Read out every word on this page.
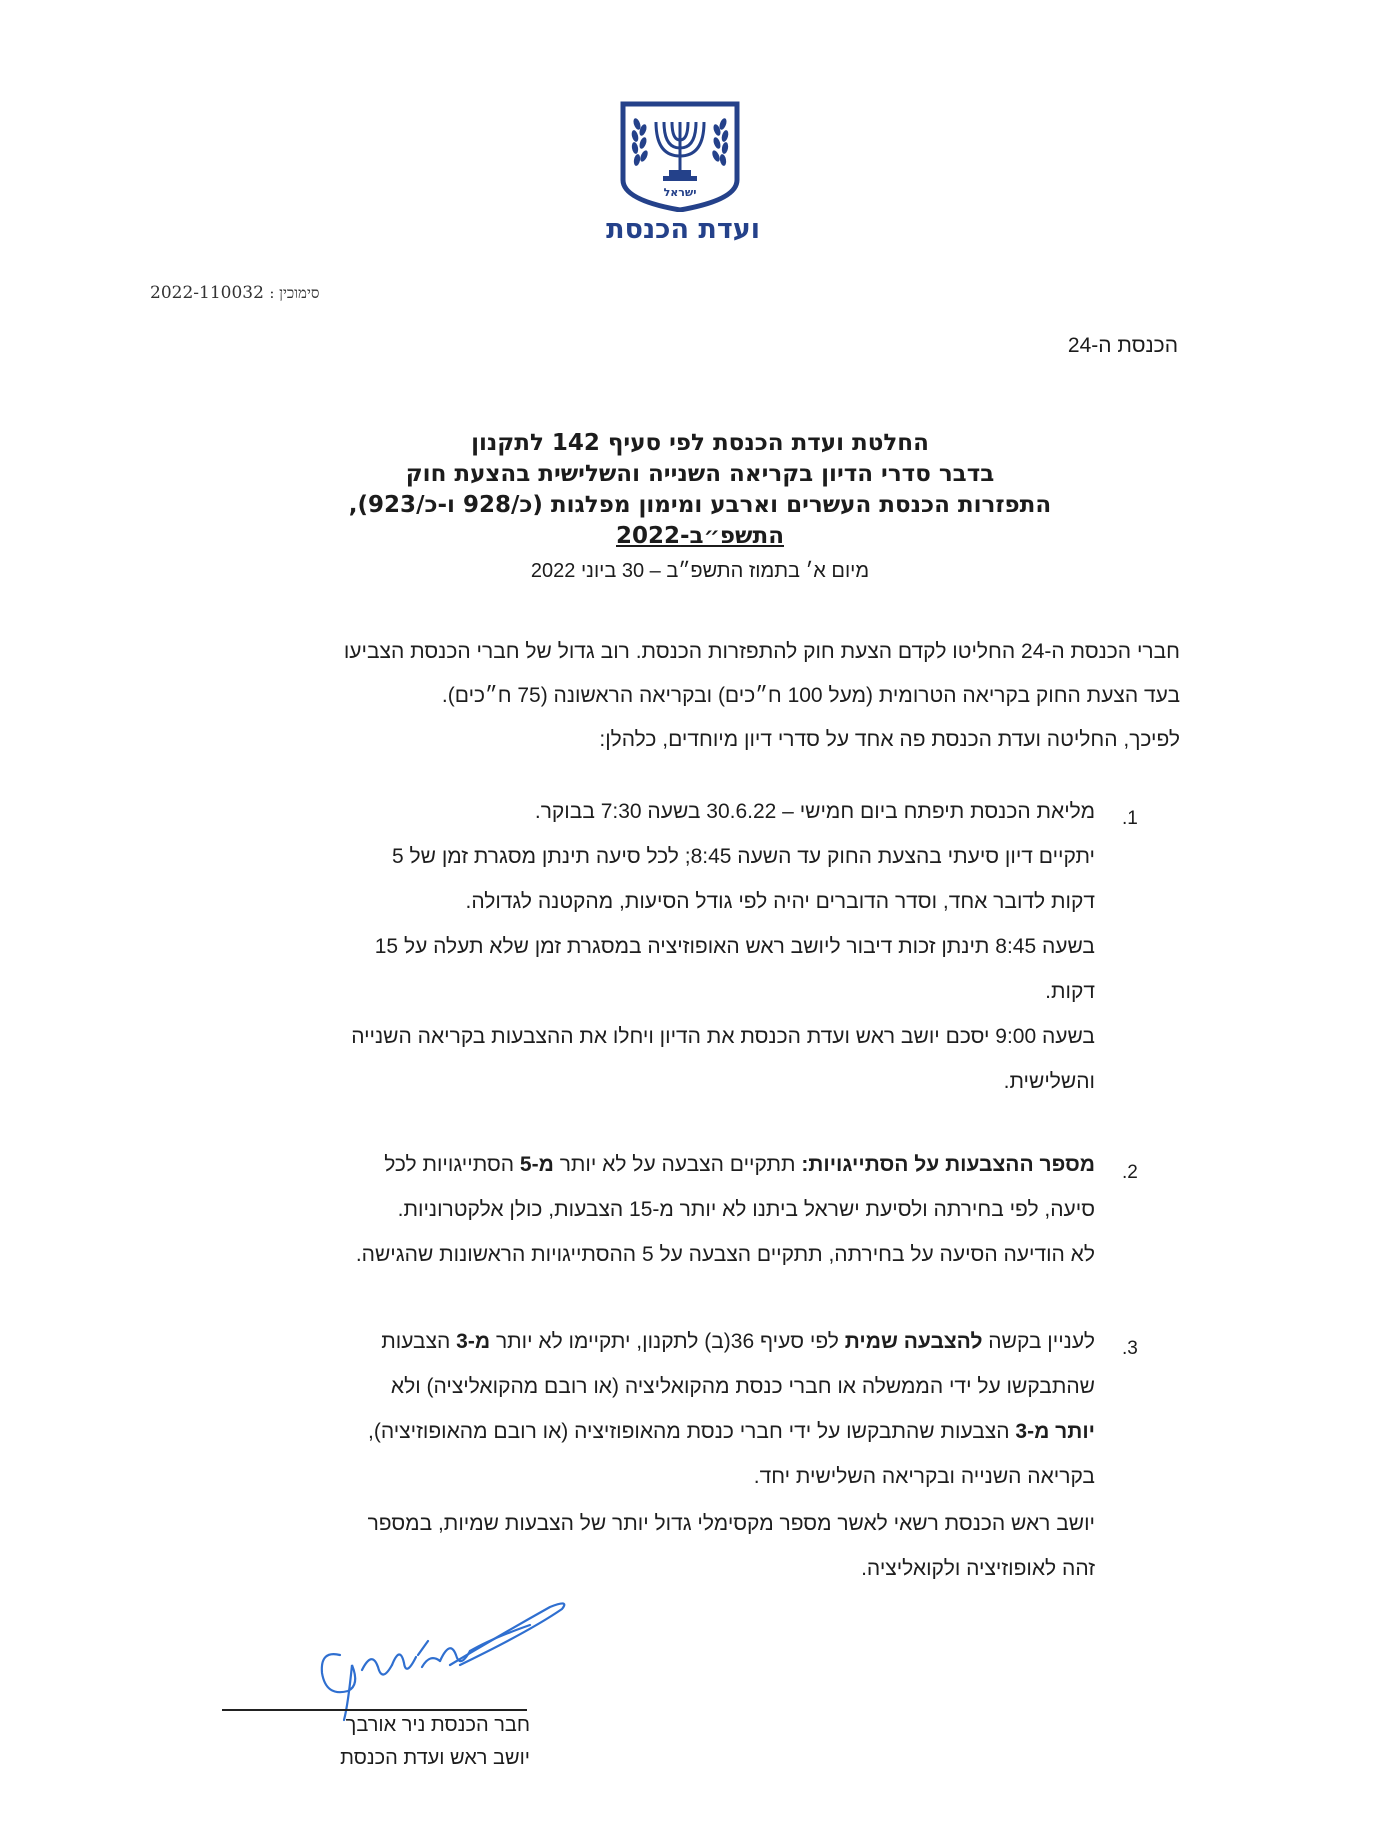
ישראל
ועדת הכנסת
סימוכין : 2022-110032
הכנסת ה-24
החלטת ועדת הכנסת לפי סעיף 142 לתקנון
בדבר סדרי הדיון בקריאה השנייה והשלישית בהצעת חוק
התפזרות הכנסת העשרים וארבע ומימון מפלגות (כ/928 ו-כ/923),
התשפ״ב-2022
מיום א׳ בתמוז התשפ״ב – 30 ביוני 2022
חברי הכנסת ה-24 החליטו לקדם הצעת חוק להתפזרות הכנסת. רוב גדול של חברי הכנסת הצביעו
בעד הצעת החוק בקריאה הטרומית (מעל 100 ח״כים) ובקריאה הראשונה (75 ח״כים).
לפיכך, החליטה ועדת הכנסת פה אחד על סדרי דיון מיוחדים, כלהלן:
1.
מליאת הכנסת תיפתח ביום חמישי – 30.6.22 בשעה 7:30 בבוקר.
יתקיים דיון סיעתי בהצעת החוק עד השעה 8:45; לכל סיעה תינתן מסגרת זמן של 5
דקות לדובר אחד, וסדר הדוברים יהיה לפי גודל הסיעות, מהקטנה לגדולה.
בשעה 8:45 תינתן זכות דיבור ליושב ראש האופוזיציה במסגרת זמן שלא תעלה על 15
דקות.
בשעה 9:00 יסכם יושב ראש ועדת הכנסת את הדיון ויחלו את ההצבעות בקריאה השנייה
והשלישית.
2.
מספר ההצבעות על הסתייגויות: תתקיים הצבעה על לא יותר מ-5 הסתייגויות לכל
סיעה, לפי בחירתה ולסיעת ישראל ביתנו לא יותר מ-15 הצבעות, כולן אלקטרוניות.
לא הודיעה הסיעה על בחירתה, תתקיים הצבעה על 5 ההסתייגויות הראשונות שהגישה.
3.
לעניין בקשה להצבעה שמית לפי סעיף 36(ב) לתקנון, יתקיימו לא יותר מ-3 הצבעות
שהתבקשו על ידי הממשלה או חברי כנסת מהקואליציה (או רובם מהקואליציה) ולא
יותר מ-3 הצבעות שהתבקשו על ידי חברי כנסת מהאופוזיציה (או רובם מהאופוזיציה),
בקריאה השנייה ובקריאה השלישית יחד.
יושב ראש הכנסת רשאי לאשר מספר מקסימלי גדול יותר של הצבעות שמיות, במספר
זהה לאופוזיציה ולקואליציה.
חבר הכנסת ניר אורבך
יושב ראש ועדת הכנסת
